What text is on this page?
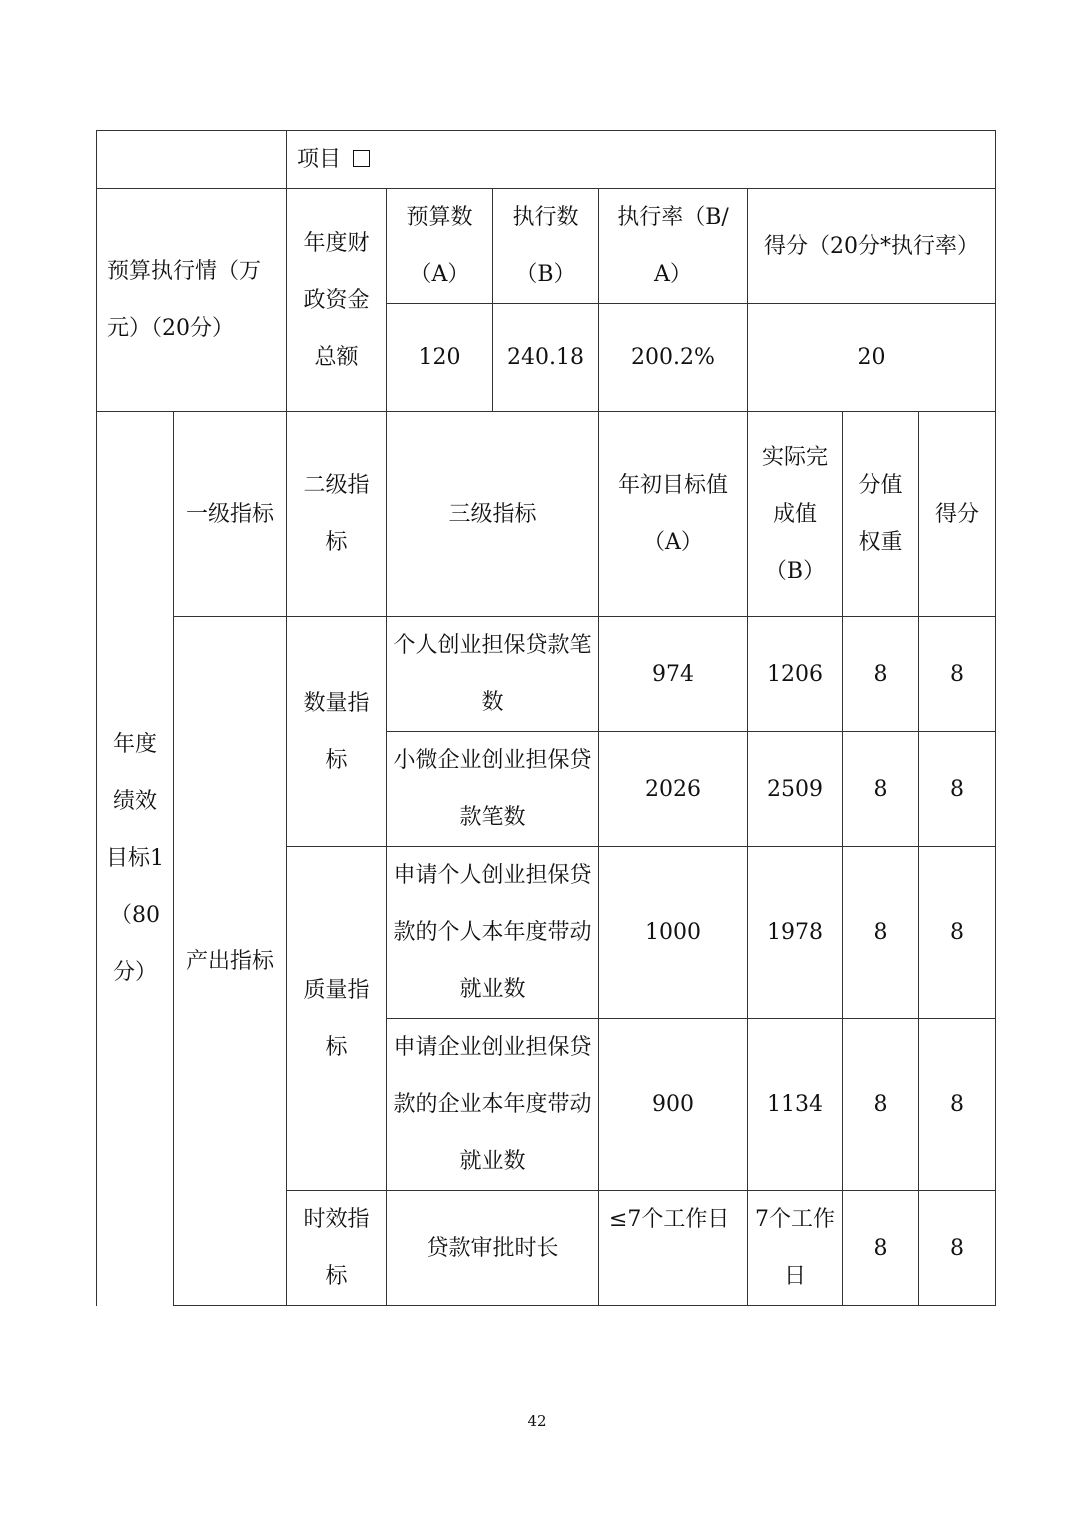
		项目						
预算执行情（万元）（20分）		年度财政资金总额	预算数（A）	执行数（B）	执行率（B/A）	得分（20分*执行率）		
			120	240.18	200.2%	20		
年度绩效目标1（80分）	一级指标	二级指标	三级指标		年初目标值（A）	实际完成值（B）	分值权重	得分
	产出指标	数量指标	个人创业担保贷款笔数		974	1206	8	8
			小微企业创业担保贷款笔数		2026	2509	8	8
		质量指标	申请个人创业担保贷款的个人本年度带动就业数		1000	1978	8	8
			申请企业创业担保贷款的企业本年度带动就业数		900	1134	8	8
		时效指标	贷款审批时长		≤7个工作日	7个工作日	8	8
42
